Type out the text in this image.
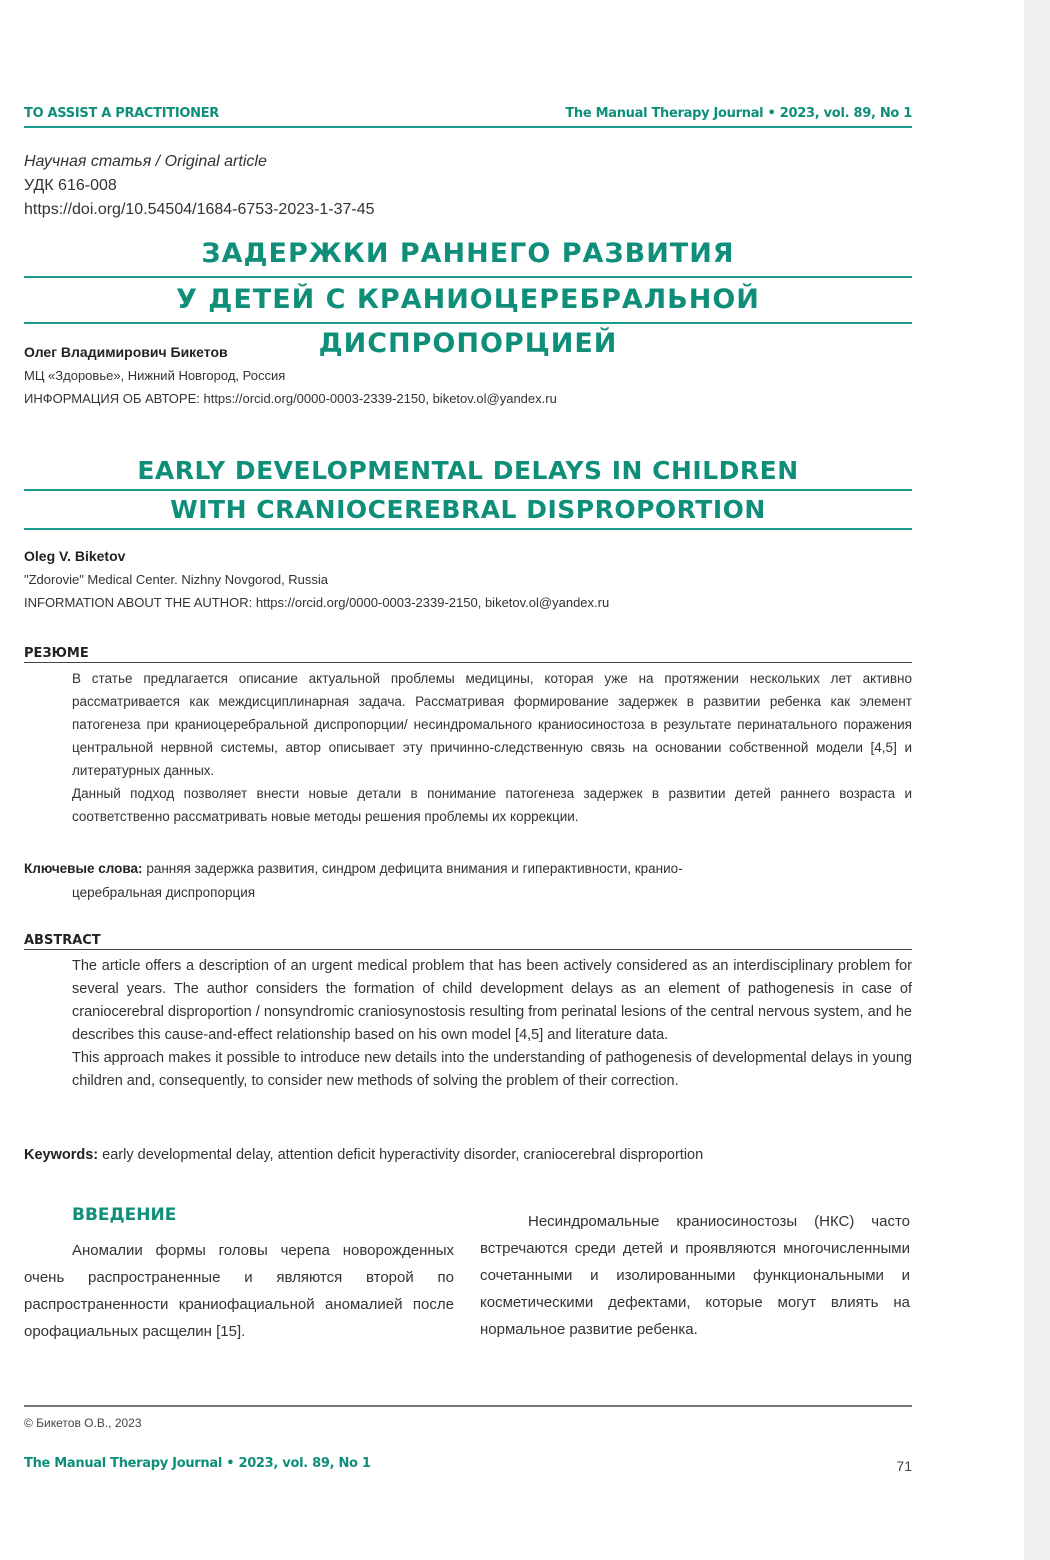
TO ASSIST A PRACTITIONER	The Manual Therapy Journal • 2023, vol. 89, No 1
Научная статья / Original article
УДК 616-008
https://doi.org/10.54504/1684-6753-2023-1-37-45
ЗАДЕРЖКИ РАННЕГО РАЗВИТИЯ
У ДЕТЕЙ С КРАНИОЦЕРЕБРАЛЬНОЙ ДИСПРОПОРЦИЕЙ
Олег Владимирович Бикетов
МЦ «Здоровье», Нижний Новгород, Россия
ИНФОРМАЦИЯ ОБ АВТОРЕ: https://orcid.org/0000-0003-2339-2150, biketov.ol@yandex.ru
EARLY DEVELOPMENTAL DELAYS IN CHILDREN
WITH CRANIOCEREBRAL DISPROPORTION
Oleg V. Biketov
"Zdorovie" Medical Center. Nizhny Novgorod, Russia
INFORMATION ABOUT THE AUTHOR: https://orcid.org/0000-0003-2339-2150, biketov.ol@yandex.ru
РЕЗЮМЕ

В статье предлагается описание актуальной проблемы медицины, которая уже на протяжении нескольких лет активно рассматривается как междисциплинарная задача. Рассматривая формирование задержек в развитии ребенка как элемент патогенеза при краниоцеребральной диспропорции/ несиндромального краниосиностоза в результате перинатального поражения центральной нервной системы, автор описывает эту причинно-следственную связь на основании собственной модели [4,5] и литературных данных.

Данный подход позволяет внести новые детали в понимание патогенеза задержек в развитии детей раннего возраста и соответственно рассматривать новые методы решения проблемы их коррекции.

Ключевые слова: ранняя задержка развития, синдром дефицита внимания и гиперактивности, кранио-
церебральная диспропорция
ABSTRACT

The article offers a description of an urgent medical problem that has been actively considered as an interdisciplinary problem for several years. The author considers the formation of child development delays as an element of pathogenesis in case of craniocerebral disproportion / nonsyndromic craniosynostosis resulting from perinatal lesions of the central nervous system, and he describes this cause-and-effect relationship based on his own model [4,5] and literature data.

This approach makes it possible to introduce new details into the understanding of pathogenesis of developmental delays in young children and, consequently, to consider new methods of solving the problem of their correction.

Keywords: early developmental delay, attention deficit hyperactivity disorder, craniocerebral disproportion
ВВЕДЕНИЕ
Аномалии формы головы черепа новорожденных очень распространенные и являются второй по распространенности краниофациальной аномалией после орофациальных расщелин [15].
Несиндромальные краниосиностозы (НКС) часто встречаются среди детей и проявляются многочисленными сочетанными и изолированными функциональными и косметическими дефектами, которые могут влиять на нормальное развитие ребенка.
© Бикетов О.В., 2023
The Manual Therapy Journal • 2023, vol. 89, No 1	71
